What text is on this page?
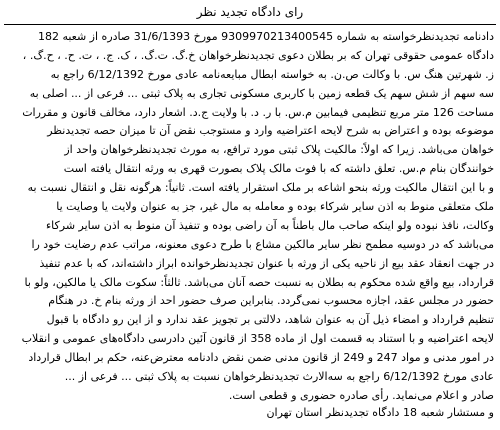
رای دادگاه تجدید نظر
دادنامه تجدیدنظرخواسته به شماره 9309970213400545 مورخ 31/6/1393 صادره از شعبه 182
دادگاه عمومی حقوقی تهران که بر بطلان دعوی تجدیدنظرخواهان خ.گ. ت.گ. ، ک. ج. ، ت. ح. ، ح.گ. ،
ز. شهرتین هنگ س. با وکالت ص.ن. به خواسته ابطال مبایعه‌نامه عادی مورخ 6/12/1392 راجع به
سه سهم از شش سهم یک قطعه زمین با کاربری مسکونی تجاری به پلاک ثبتی ... فرعی از ... اصلی به
مساحت 126 متر مربع تنظیمی فیمابین م.س. با ر. د. با ولایت ج.د. اشعار دارد، مخالف قانون و مقررات
موضوعه بوده و اعتراض به شرح لایحه اعتراضیه وارد و مستوجب نقض آن تا میزان حصه تجدیدنظر
خواهان می‌باشد. زیرا که اولاً: مالکیت پلاک ثبتی مورد ترافع، به مورث تجدیدنظرخواهان واحد از
خوانندگان بنام م.س. تعلق داشته که با فوت مالک پلاک بصورت قهری به ورثه انتقال یافته است
و با این انتقال مالکیت ورثه بنحو اشاعه بر ملک استقرار یافته است. ثانیاً: هرگونه نقل و انتقال نسبت به
ملک متعلقی منوط به اذن سایر شرکاء بوده و معامله به مال غیر، جز به عنوان ولایت یا وصایت یا
وکالت، نافذ نبوده ولو اینکه صاحب مال باطناً به آن راضی بوده و تنفیذ آن منوط به اذن سایر شرکاء
می‌باشد که در دوسیه مطمح نظر سایر مالکین مشاع با طرح دعوی معنونه، مراتب عدم رضایت خود را
در جهت انعقاد عقد بیع از ناحیه یکی از ورثه با عنوان تجدیدنظرخوانده ابراز داشته‌اند، که با عدم تنفیذ
قرارداد، بیع واقع شده محکوم به بطلان به نسبت حصه آنان می‌باشد. ثالثاً: سکوت مالک یا مالکین، ولو با
حضور در مجلس عقد، اجازه محسوب نمی‌گردد. بنابراین صرف حضور احد از ورثه بنام خ. در هنگام
تنظیم قرارداد و امضاء ذیل آن به عنوان شاهد، دلالتی بر تجویز عقد ندارد و از این رو دادگاه با قبول
لایحه اعتراضیه و با استناد به قسمت اول از ماده 358 از قانون آئین دادرسی دادگاه‌های عمومی و انقلاب
در امور مدنی و مواد 247 و 249 از قانون مدنی ضمن نقض دادنامه معترض‌عنه، حکم بر ابطال قرارداد
عادی مورخ 6/12/1392 راجع به سه‌الارث تجدیدنظرخواهان نسبت به پلاک ثبتی ... فرعی از ...
صادر و اعلام می‌نماید. رأی صادره حضوری و قطعی است.
و مستشار شعبه 18 دادگاه تجدیدنظر استان تهران
